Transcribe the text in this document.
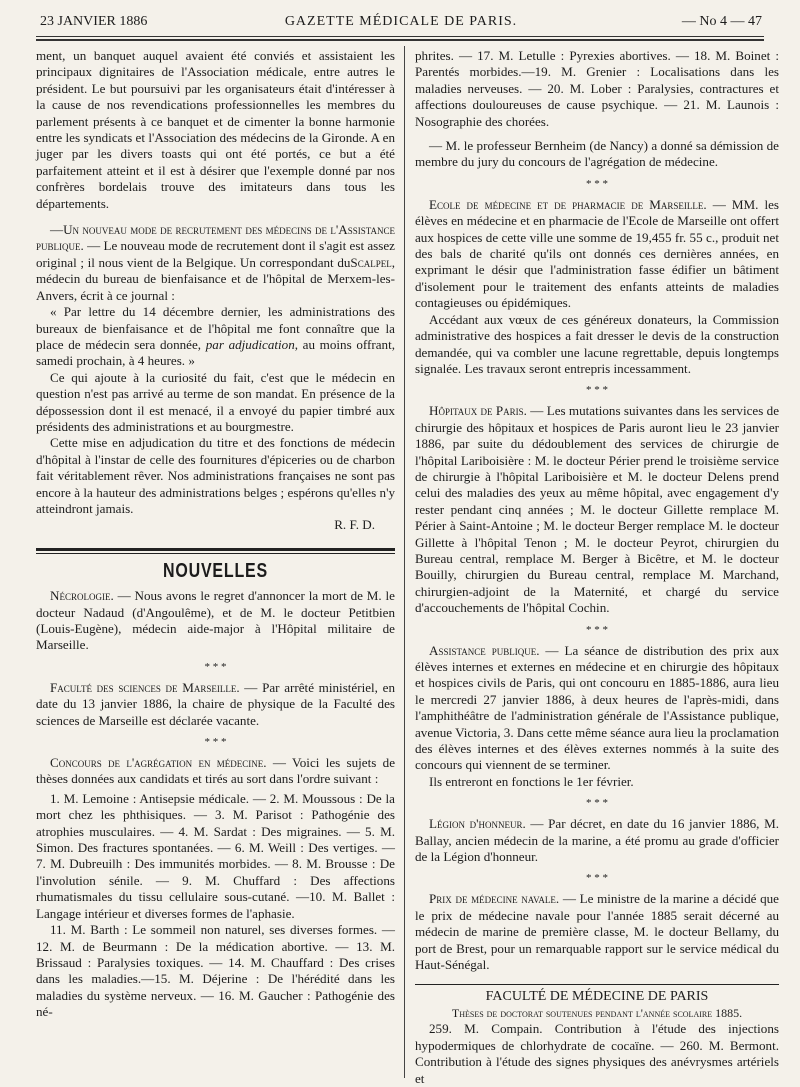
23 JANVIER 1886	GAZETTE MÉDICALE DE PARIS.	— No 4 — 47

ment, un banquet auquel avaient été conviés et assistaient les principaux dignitaires de l'Association médicale, entre autres le président. Le but poursuivi par les organisateurs était d'intéresser à la cause de nos revendications professionnelles les membres du parlement présents à ce banquet et de cimenter la bonne harmonie entre les syndicats et l'Association des médecins de la Gironde. A en juger par les divers toasts qui ont été portés, ce but a été parfaitement atteint et il est à désirer que l'exemple donné par nos confrères bordelais trouve des imitateurs dans tous les départements.

—Un nouveau mode de recrutement des médecins de l'Assistance publique. — Le nouveau mode de recrutement dont il s'agit est assez original ; il nous vient de la Belgique. Un correspondant duScalpel, médecin du bureau de bienfaisance et de l'hôpital de Merxem-les-Anvers, écrit à ce journal :

« Par lettre du 14 décembre dernier, les administrations des bureaux de bienfaisance et de l'hôpital me font connaître que la place de médecin sera donnée, par adjudication, au moins offrant, samedi prochain, à 4 heures. »

Ce qui ajoute à la curiosité du fait, c'est que le médecin en question n'est pas arrivé au terme de son mandat. En présence de la dépossession dont il est menacé, il a envoyé du papier timbré aux présidents des administrations et au bourgmestre.

Cette mise en adjudication du titre et des fonctions de médecin d'hôpital à l'instar de celle des fournitures d'épiceries ou de charbon fait véritablement rêver. Nos administrations françaises ne sont pas encore à la hauteur des administrations belges ; espérons qu'elles n'y atteindront jamais.

R. F. D.

NOUVELLES

Nécrologie. — Nous avons le regret d'annoncer la mort de M. le docteur Nadaud (d'Angoulême), et de M. le docteur Petitbien (Louis-Eugène), médecin aide-major à l'Hôpital militaire de Marseille.

* * *

Faculté des sciences de Marseille. — Par arrêté ministériel, en date du 13 janvier 1886, la chaire de physique de la Faculté des sciences de Marseille est déclarée vacante.

* * *

Concours de l'agrégation en médecine. — Voici les sujets de thèses données aux candidats et tirés au sort dans l'ordre suivant :

1. M. Lemoine : Antisepsie médicale. — 2. M. Moussous : De la mort chez les phthisiques. — 3. M. Parisot : Pathogénie des atrophies musculaires. — 4. M. Sardat : Des migraines. — 5. M. Simon. Des fractures spontanées. — 6. M. Weill : Des vertiges. — 7. M. Dubreuilh : Des immunités morbides. — 8. M. Brousse : De l'involution sénile. — 9. M. Chuffard : Des affections rhumatismales du tissu cellulaire sous-cutané. —10. M. Ballet : Langage intérieur et diverses formes de l'aphasie.

11. M. Barth : Le sommeil non naturel, ses diverses formes. — 12. M. de Beurmann : De la médication abortive. — 13. M. Brissaud : Paralysies toxiques. — 14. M. Chauffard : Des crises dans les maladies.—15. M. Déjerine : De l'hérédité dans les maladies du système nerveux. — 16. M. Gaucher : Pathogénie des né-

phrites. — 17. M. Letulle : Pyrexies abortives. — 18. M. Boinet : Parentés morbides.—19. M. Grenier : Localisations dans les maladies nerveuses. — 20. M. Lober : Paralysies, contractures et affections douloureuses de cause psychique. — 21. M. Launois : Nosographie des chorées.

— M. le professeur Bernheim (de Nancy) a donné sa démission de membre du jury du concours de l'agrégation de médecine.

* * *

Ecole de médecine et de pharmacie de Marseille. — MM. les élèves en médecine et en pharmacie de l'Ecole de Marseille ont offert aux hospices de cette ville une somme de 19,455 fr. 55 c., produit net des bals de charité qu'ils ont donnés ces dernières années, en exprimant le désir que l'administration fasse édifier un bâtiment d'isolement pour le traitement des enfants atteints de maladies contagieuses ou épidémiques.

Accédant aux vœux de ces généreux donateurs, la Commission administrative des hospices a fait dresser le devis de la construction demandée, qui va combler une lacune regrettable, depuis longtemps signalée. Les travaux seront entrepris incessamment.

* * *

Hôpitaux de Paris. — Les mutations suivantes dans les services de chirurgie des hôpitaux et hospices de Paris auront lieu le 23 janvier 1886, par suite du dédoublement des services de chirurgie de l'hôpital Lariboisière : M. le docteur Périer prend le troisième service de chirurgie à l'hôpital Lariboisière et M. le docteur Delens prend celui des maladies des yeux au même hôpital, avec engagement d'y rester pendant cinq années ; M. le docteur Gillette remplace M. Périer à Saint-Antoine ; M. le docteur Berger remplace M. le docteur Gillette à l'hôpital Tenon ; M. le docteur Peyrot, chirurgien du Bureau central, remplace M. Berger à Bicêtre, et M. le docteur Bouilly, chirurgien du Bureau central, remplace M. Marchand, chirurgien-adjoint de la Maternité, et chargé du service d'accouchements de l'hôpital Cochin.

* * *

Assistance publique. — La séance de distribution des prix aux élèves internes et externes en médecine et en chirurgie des hôpitaux et hospices civils de Paris, qui ont concouru en 1885-1886, aura lieu le mercredi 27 janvier 1886, à deux heures de l'après-midi, dans l'amphithéâtre de l'administration générale de l'Assistance publique, avenue Victoria, 3. Dans cette même séance aura lieu la proclamation des élèves internes et des élèves externes nommés à la suite des concours qui viennent de se terminer.

Ils entreront en fonctions le 1er février.

* * *

Légion d'honneur. — Par décret, en date du 16 janvier 1886, M. Ballay, ancien médecin de la marine, a été promu au grade d'officier de la Légion d'honneur.

* * *

Prix de médecine navale. — Le ministre de la marine a décidé que le prix de médecine navale pour l'année 1885 serait décerné au médecin de marine de première classe, M. le docteur Bellamy, du port de Brest, pour un remarquable rapport sur le service médical du Haut-Sénégal.

FACULTÉ DE MÉDECINE DE PARIS
Thèses de doctorat soutenues pendant l'année scolaire 1885.

259. M. Compain. Contribution à l'étude des injections hypodermiques de chlorhydrate de cocaïne. — 260. M. Bermont. Contribution à l'étude des signes physiques des anévrysmes artériels et
